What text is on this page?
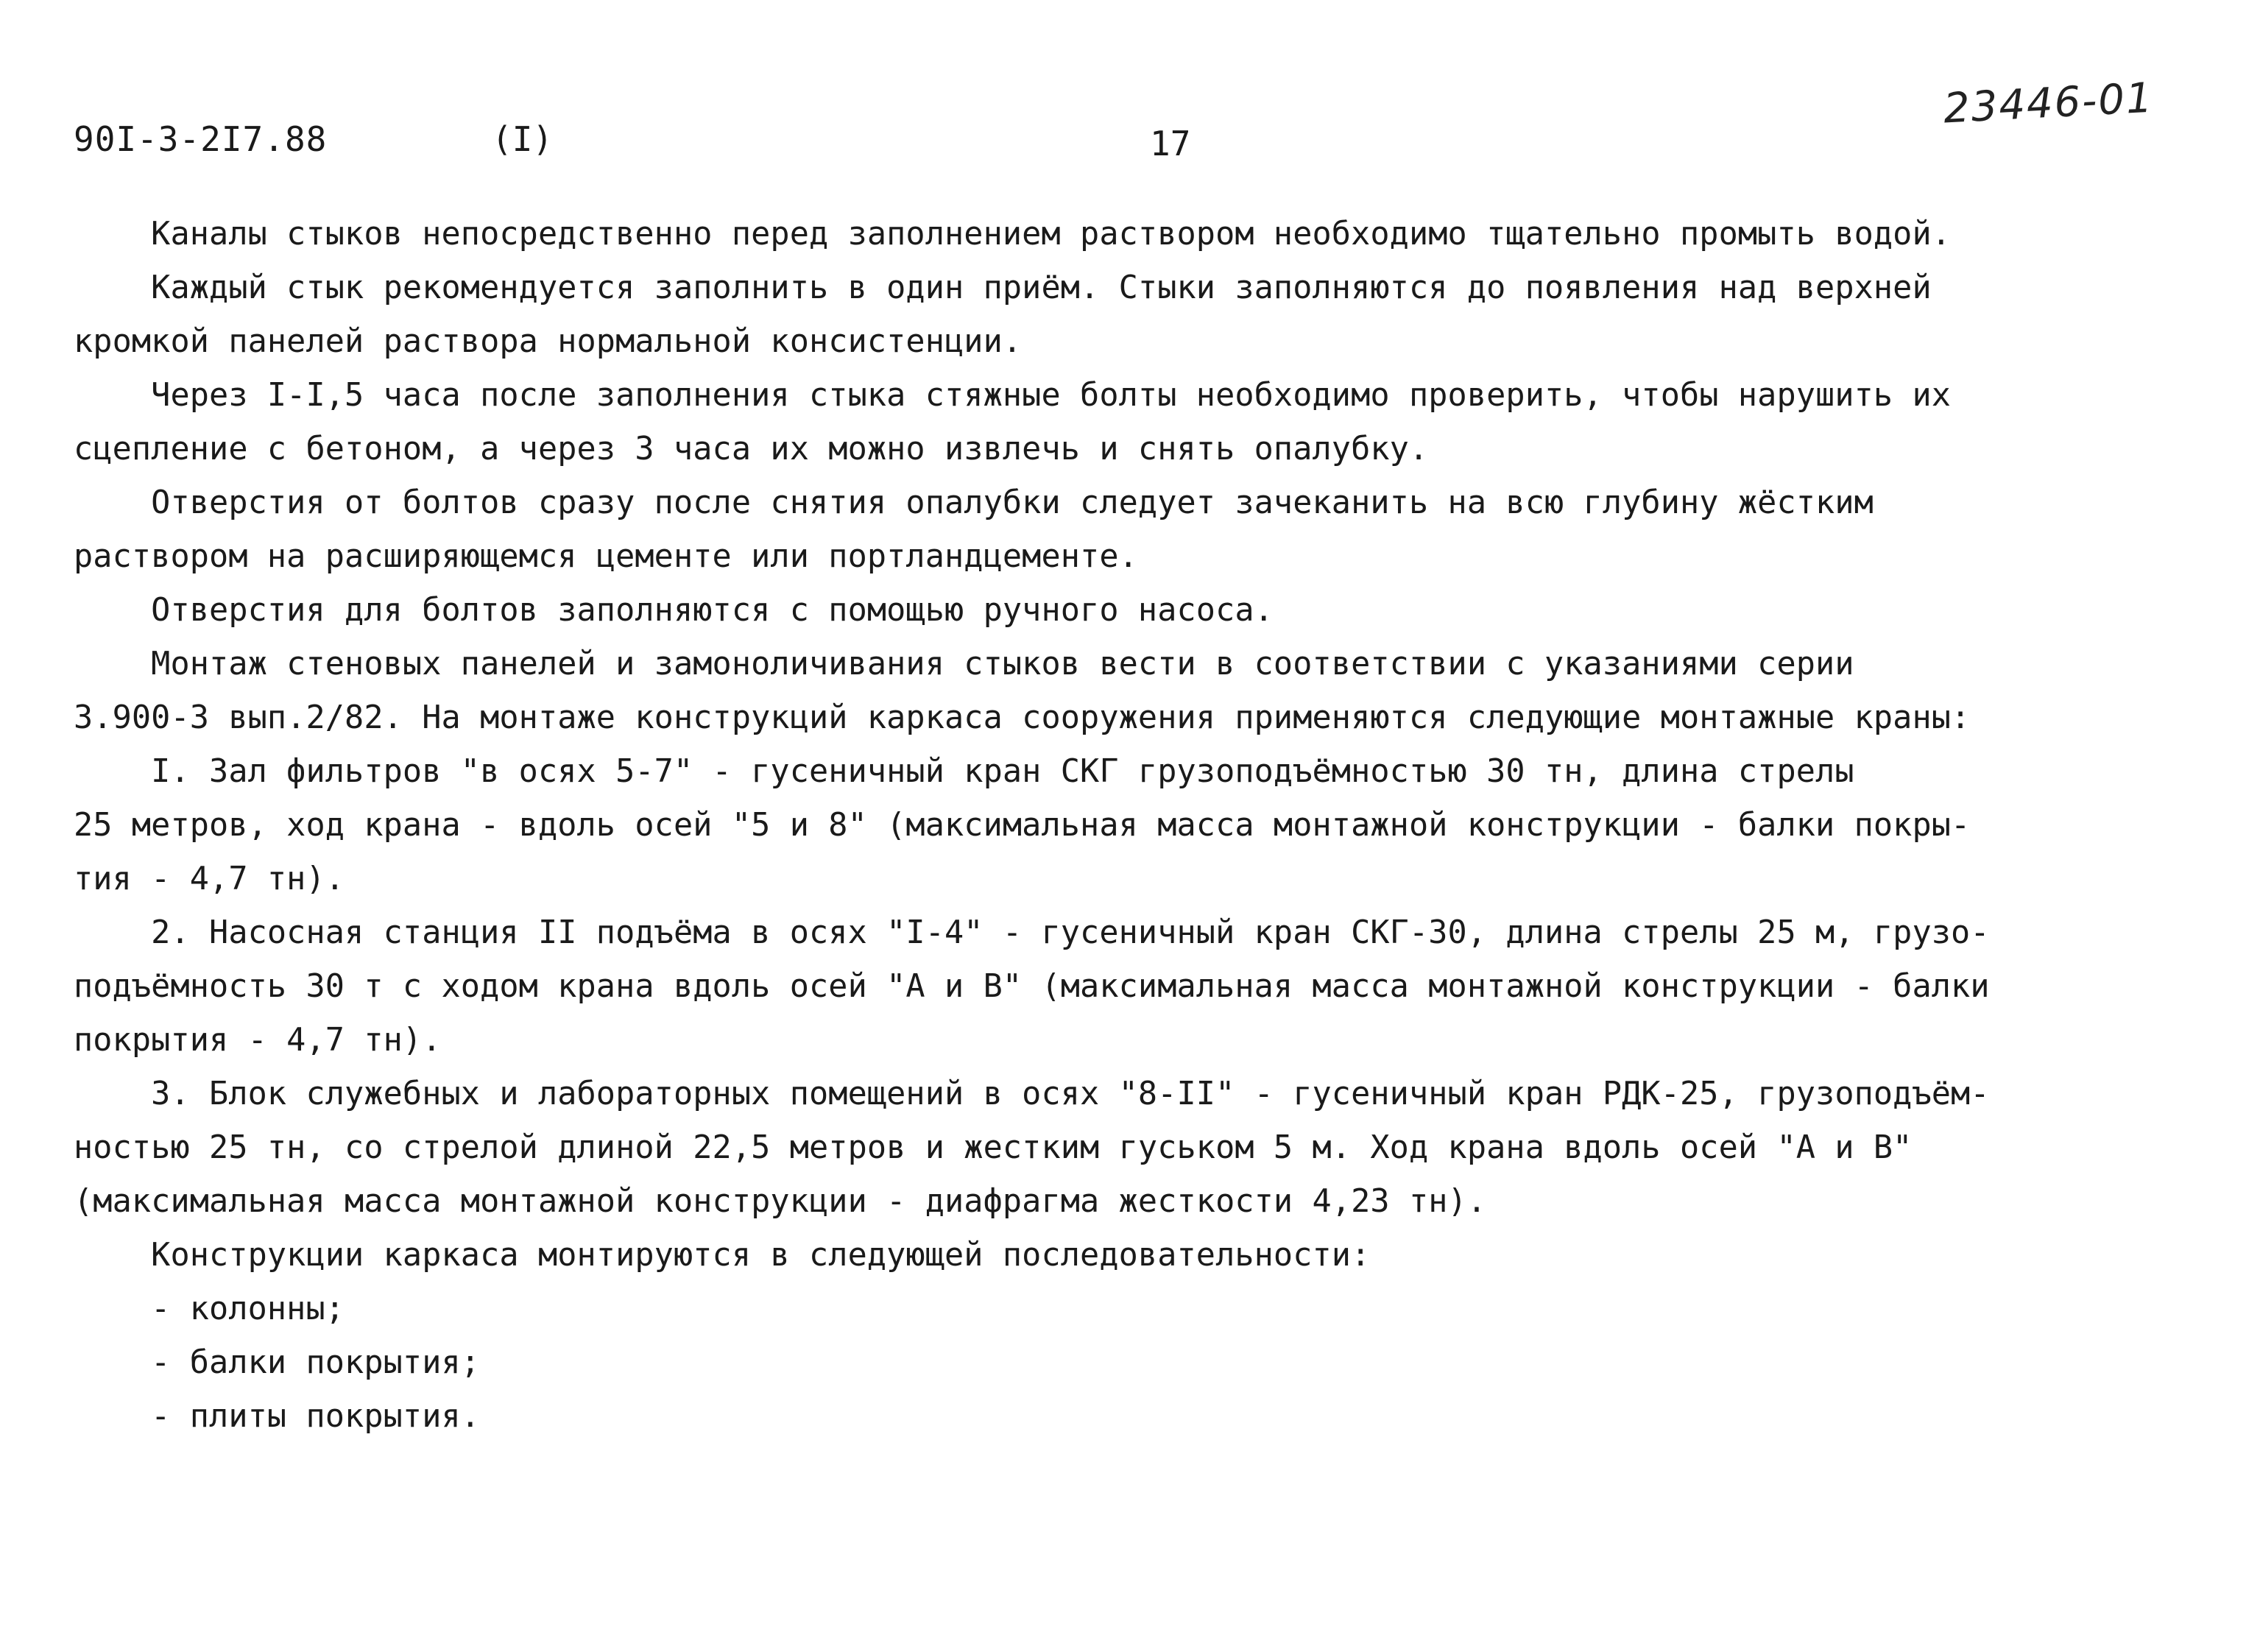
90I-3-2I7.88	(I)	17
23446-01
Каналы стыков непосредственно перед заполнением раствором необходимо тщательно промыть водой.
Каждый стык рекомендуется заполнить в один приём. Стыки заполняются до появления над верхней
кромкой панелей раствора нормальной консистенции.
Через I-I,5 часа после заполнения стыка стяжные болты необходимо проверить, чтобы нарушить их
сцепление с бетоном, а через 3 часа их можно извлечь и снять опалубку.
Отверстия от болтов сразу после снятия опалубки следует зачеканить на всю глубину жёстким
раствором на расширяющемся цементе или портландцементе.
Отверстия для болтов заполняются с помощью ручного насоса.
Монтаж стеновых панелей и замоноличивания стыков вести в соответствии с указаниями серии
3.900-3 вып.2/82. На монтаже конструкций каркаса сооружения применяются следующие монтажные краны:
I. Зал фильтров "в осях 5-7" - гусеничный кран СКГ грузоподъёмностью 30 тн, длина стрелы
25 метров, ход крана - вдоль осей "5 и 8" (максимальная масса монтажной конструкции - балки покры-
тия - 4,7 тн).
2. Насосная станция II подъёма в осях "I-4" - гусеничный кран СКГ-30, длина стрелы 25 м, грузо-
подъёмность 30 т с ходом крана вдоль осей "А и В" (максимальная масса монтажной конструкции - балки
покрытия - 4,7 тн).
3. Блок служебных и лабораторных помещений в осях "8-II" - гусеничный кран РДК-25, грузоподъём-
ностью 25 тн, со стрелой длиной 22,5 метров и жестким гуськом 5 м. Ход крана вдоль осей "А и В"
(максимальная масса монтажной конструкции - диафрагма жесткости 4,23 тн).
Конструкции каркаса монтируются в следующей последовательности:
- колонны;
- балки покрытия;
- плиты покрытия.
